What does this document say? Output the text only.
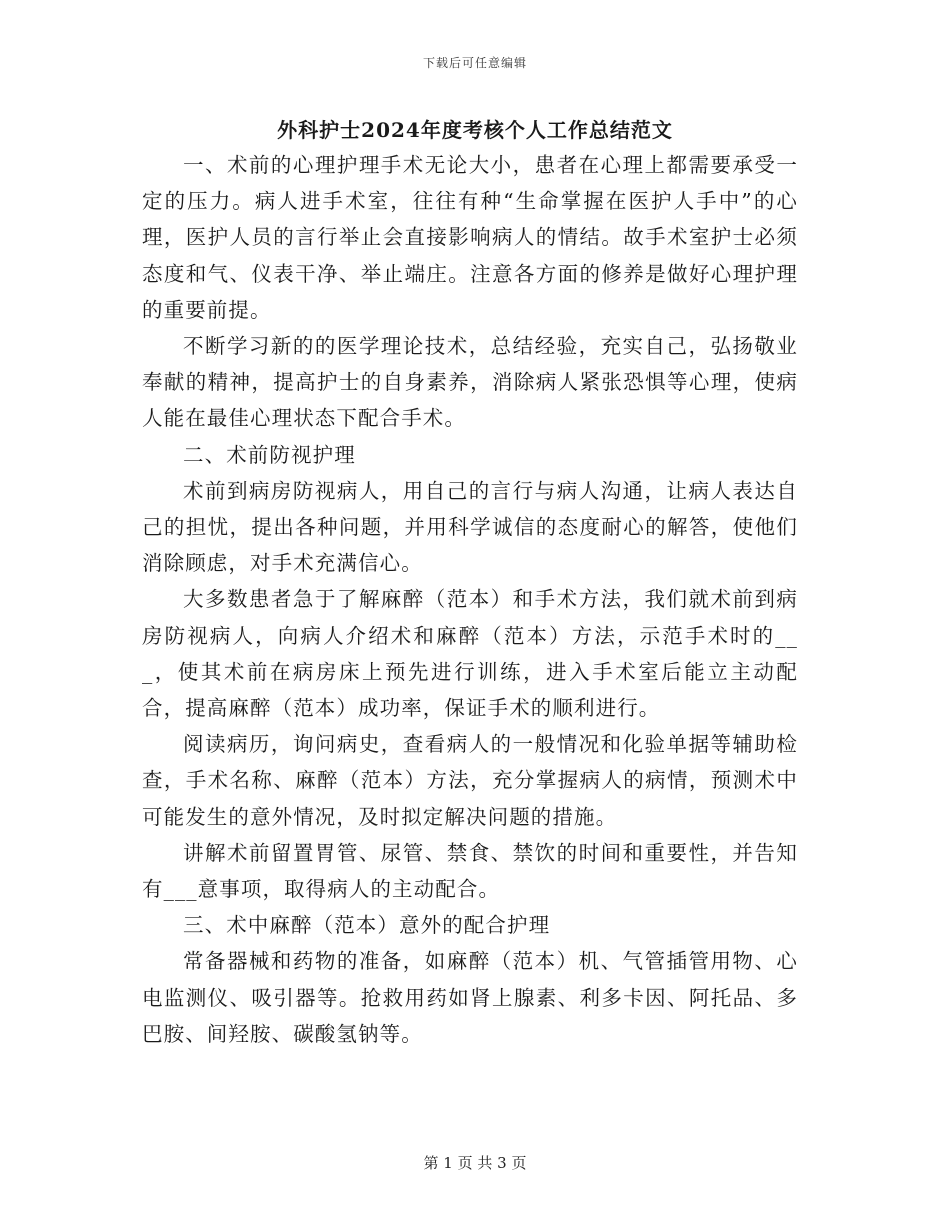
下载后可任意编辑
外科护士2024年度考核个人工作总结范文

一、术前的心理护理手术无论大小，患者在心理上都需要承受一定的压力。病人进手术室，往往有种“生命掌握在医护人手中”的心理，医护人员的言行举止会直接影响病人的情结。故手术室护士必须态度和气、仪表干净、举止端庄。注意各方面的修养是做好心理护理的重要前提。

不断学习新的的医学理论技术，总结经验，充实自己，弘扬敬业奉献的精神，提高护士的自身素养，消除病人紧张恐惧等心理，使病人能在最佳心理状态下配合手术。

二、术前防视护理

术前到病房防视病人，用自己的言行与病人沟通，让病人表达自己的担忧，提出各种问题，并用科学诚信的态度耐心的解答，使他们消除顾虑，对手术充满信心。

大多数患者急于了解麻醉（范本）和手术方法，我们就术前到病房防视病人，向病人介绍术和麻醉（范本）方法，示范手术时的___，使其术前在病房床上预先进行训练，进入手术室后能立主动配合，提高麻醉（范本）成功率，保证手术的顺利进行。

阅读病历，询问病史，查看病人的一般情况和化验单据等辅助检查，手术名称、麻醉（范本）方法，充分掌握病人的病情，预测术中可能发生的意外情况，及时拟定解决问题的措施。

讲解术前留置胃管、尿管、禁食、禁饮的时间和重要性，并告知有___意事项，取得病人的主动配合。

三、术中麻醉（范本）意外的配合护理

常备器械和药物的准备，如麻醉（范本）机、气管插管用物、心电监测仪、吸引器等。抢救用药如肾上腺素、利多卡因、阿托品、多巴胺、间羟胺、碳酸氢钠等。

第 1 页 共 3 页
